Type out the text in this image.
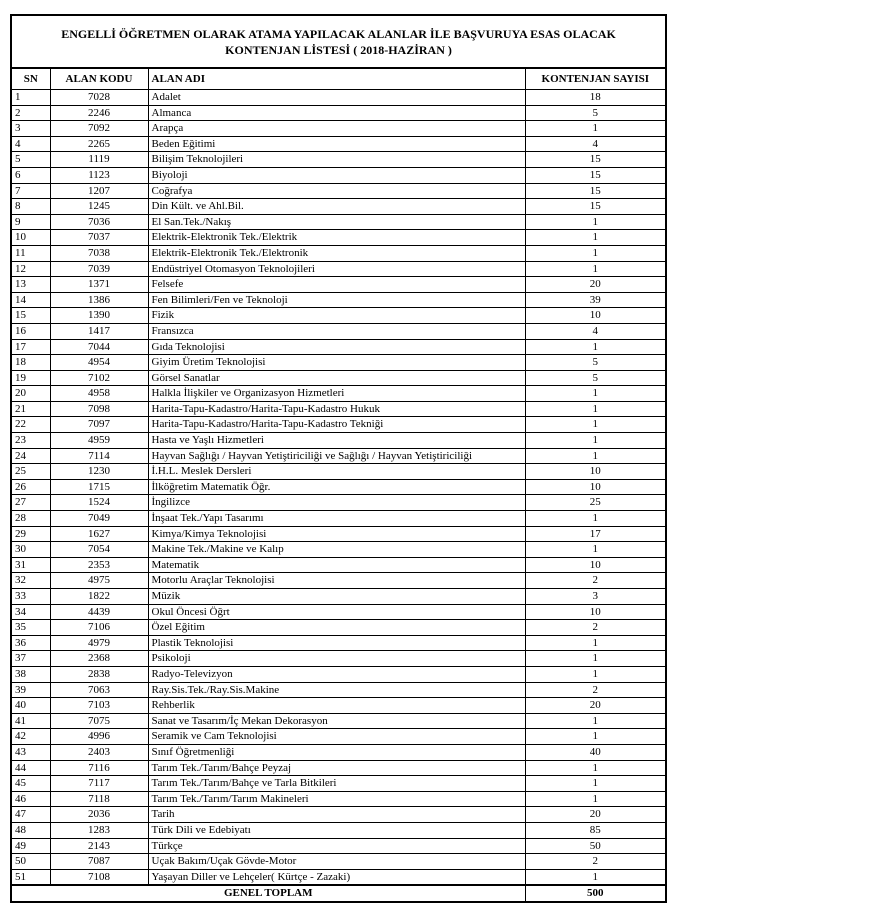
ENGELLİ ÖĞRETMEN OLARAK ATAMA YAPILACAK ALANLAR İLE BAŞVURUYA ESAS OLACAK
KONTENJAN LİSTESİ ( 2018-HAZİRAN )			

SN	ALAN KODU	ALAN ADI	KONTENJAN SAYISI
1	7028	Adalet	18
2	2246	Almanca	5
3	7092	Arapça	1
4	2265	Beden Eğitimi	4
5	1119	Bilişim Teknolojileri	15
6	1123	Biyoloji	15
7	1207	Coğrafya	15
8	1245	Din Kült. ve Ahl.Bil.	15
9	7036	El San.Tek./Nakış	1
10	7037	Elektrik-Elektronik Tek./Elektrik	1
11	7038	Elektrik-Elektronik Tek./Elektronik	1
12	7039	Endüstriyel Otomasyon Teknolojileri	1
13	1371	Felsefe	20
14	1386	Fen Bilimleri/Fen ve Teknoloji	39
15	1390	Fizik	10
16	1417	Fransızca	4
17	7044	Gıda Teknolojisi	1
18	4954	Giyim Üretim Teknolojisi	5
19	7102	Görsel Sanatlar	5
20	4958	Halkla İlişkiler ve Organizasyon Hizmetleri	1
21	7098	Harita-Tapu-Kadastro/Harita-Tapu-Kadastro Hukuk	1
22	7097	Harita-Tapu-Kadastro/Harita-Tapu-Kadastro Tekniği	1
23	4959	Hasta ve Yaşlı Hizmetleri	1
24	7114	Hayvan Sağlığı / Hayvan Yetiştiriciliği ve Sağlığı / Hayvan Yetiştiriciliği	1
25	1230	İ.H.L. Meslek Dersleri	10
26	1715	İlköğretim Matematik Öğr.	10
27	1524	İngilizce	25
28	7049	İnşaat Tek./Yapı Tasarımı	1
29	1627	Kimya/Kimya Teknolojisi	17
30	7054	Makine Tek./Makine ve Kalıp	1
31	2353	Matematik	10
32	4975	Motorlu Araçlar Teknolojisi	2
33	1822	Müzik	3
34	4439	Okul Öncesi Öğrt	10
35	7106	Özel Eğitim	2
36	4979	Plastik Teknolojisi	1
37	2368	Psikoloji	1
38	2838	Radyo-Televizyon	1
39	7063	Ray.Sis.Tek./Ray.Sis.Makine	2
40	7103	Rehberlik	20
41	7075	Sanat ve Tasarım/İç Mekan Dekorasyon	1
42	4996	Seramik ve Cam Teknolojisi	1
43	2403	Sınıf Öğretmenliği	40
44	7116	Tarım Tek./Tarım/Bahçe Peyzaj	1
45	7117	Tarım Tek./Tarım/Bahçe ve Tarla Bitkileri	1
46	7118	Tarım Tek./Tarım/Tarım Makineleri	1
47	2036	Tarih	20
48	1283	Türk Dili ve Edebiyatı	85
49	2143	Türkçe	50
50	7087	Uçak Bakım/Uçak Gövde-Motor	2
51	7108	Yaşayan Diller ve Lehçeler( Kürtçe - Zazaki)	1
GENEL TOPLAM			500
